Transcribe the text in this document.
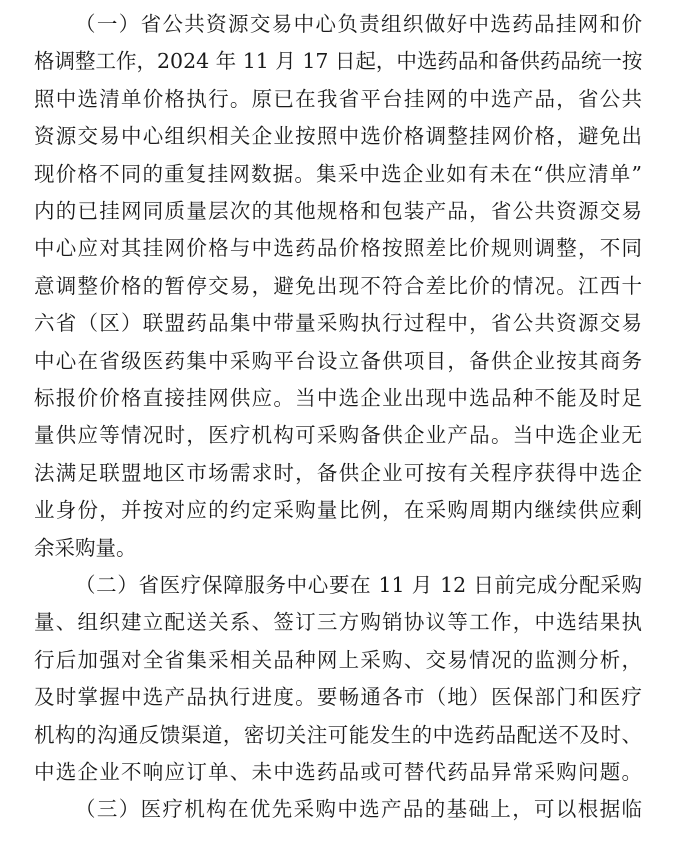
（一）省公共资源交易中心负责组织做好中选药品挂网和价
格调整工作，2024 年 11 月 17 日起，中选药品和备供药品统一按
照中选清单价格执行。原已在我省平台挂网的中选产品，省公共
资源交易中心组织相关企业按照中选价格调整挂网价格，避免出
现价格不同的重复挂网数据。集采中选企业如有未在“供应清单”
内的已挂网同质量层次的其他规格和包装产品，省公共资源交易
中心应对其挂网价格与中选药品价格按照差比价规则调整，不同
意调整价格的暂停交易，避免出现不符合差比价的情况。江西十
六省（区）联盟药品集中带量采购执行过程中，省公共资源交易
中心在省级医药集中采购平台设立备供项目，备供企业按其商务
标报价价格直接挂网供应。当中选企业出现中选品种不能及时足
量供应等情况时，医疗机构可采购备供企业产品。当中选企业无
法满足联盟地区市场需求时，备供企业可按有关程序获得中选企
业身份，并按对应的约定采购量比例，在采购周期内继续供应剩
余采购量。
（二）省医疗保障服务中心要在 11 月 12 日前完成分配采购
量、组织建立配送关系、签订三方购销协议等工作，中选结果执
行后加强对全省集采相关品种网上采购、交易情况的监测分析，
及时掌握中选产品执行进度。要畅通各市（地）医保部门和医疗
机构的沟通反馈渠道，密切关注可能发生的中选药品配送不及时、
中选企业不响应订单、未中选药品或可替代药品异常采购问题。
（三）医疗机构在优先采购中选产品的基础上，可以根据临
